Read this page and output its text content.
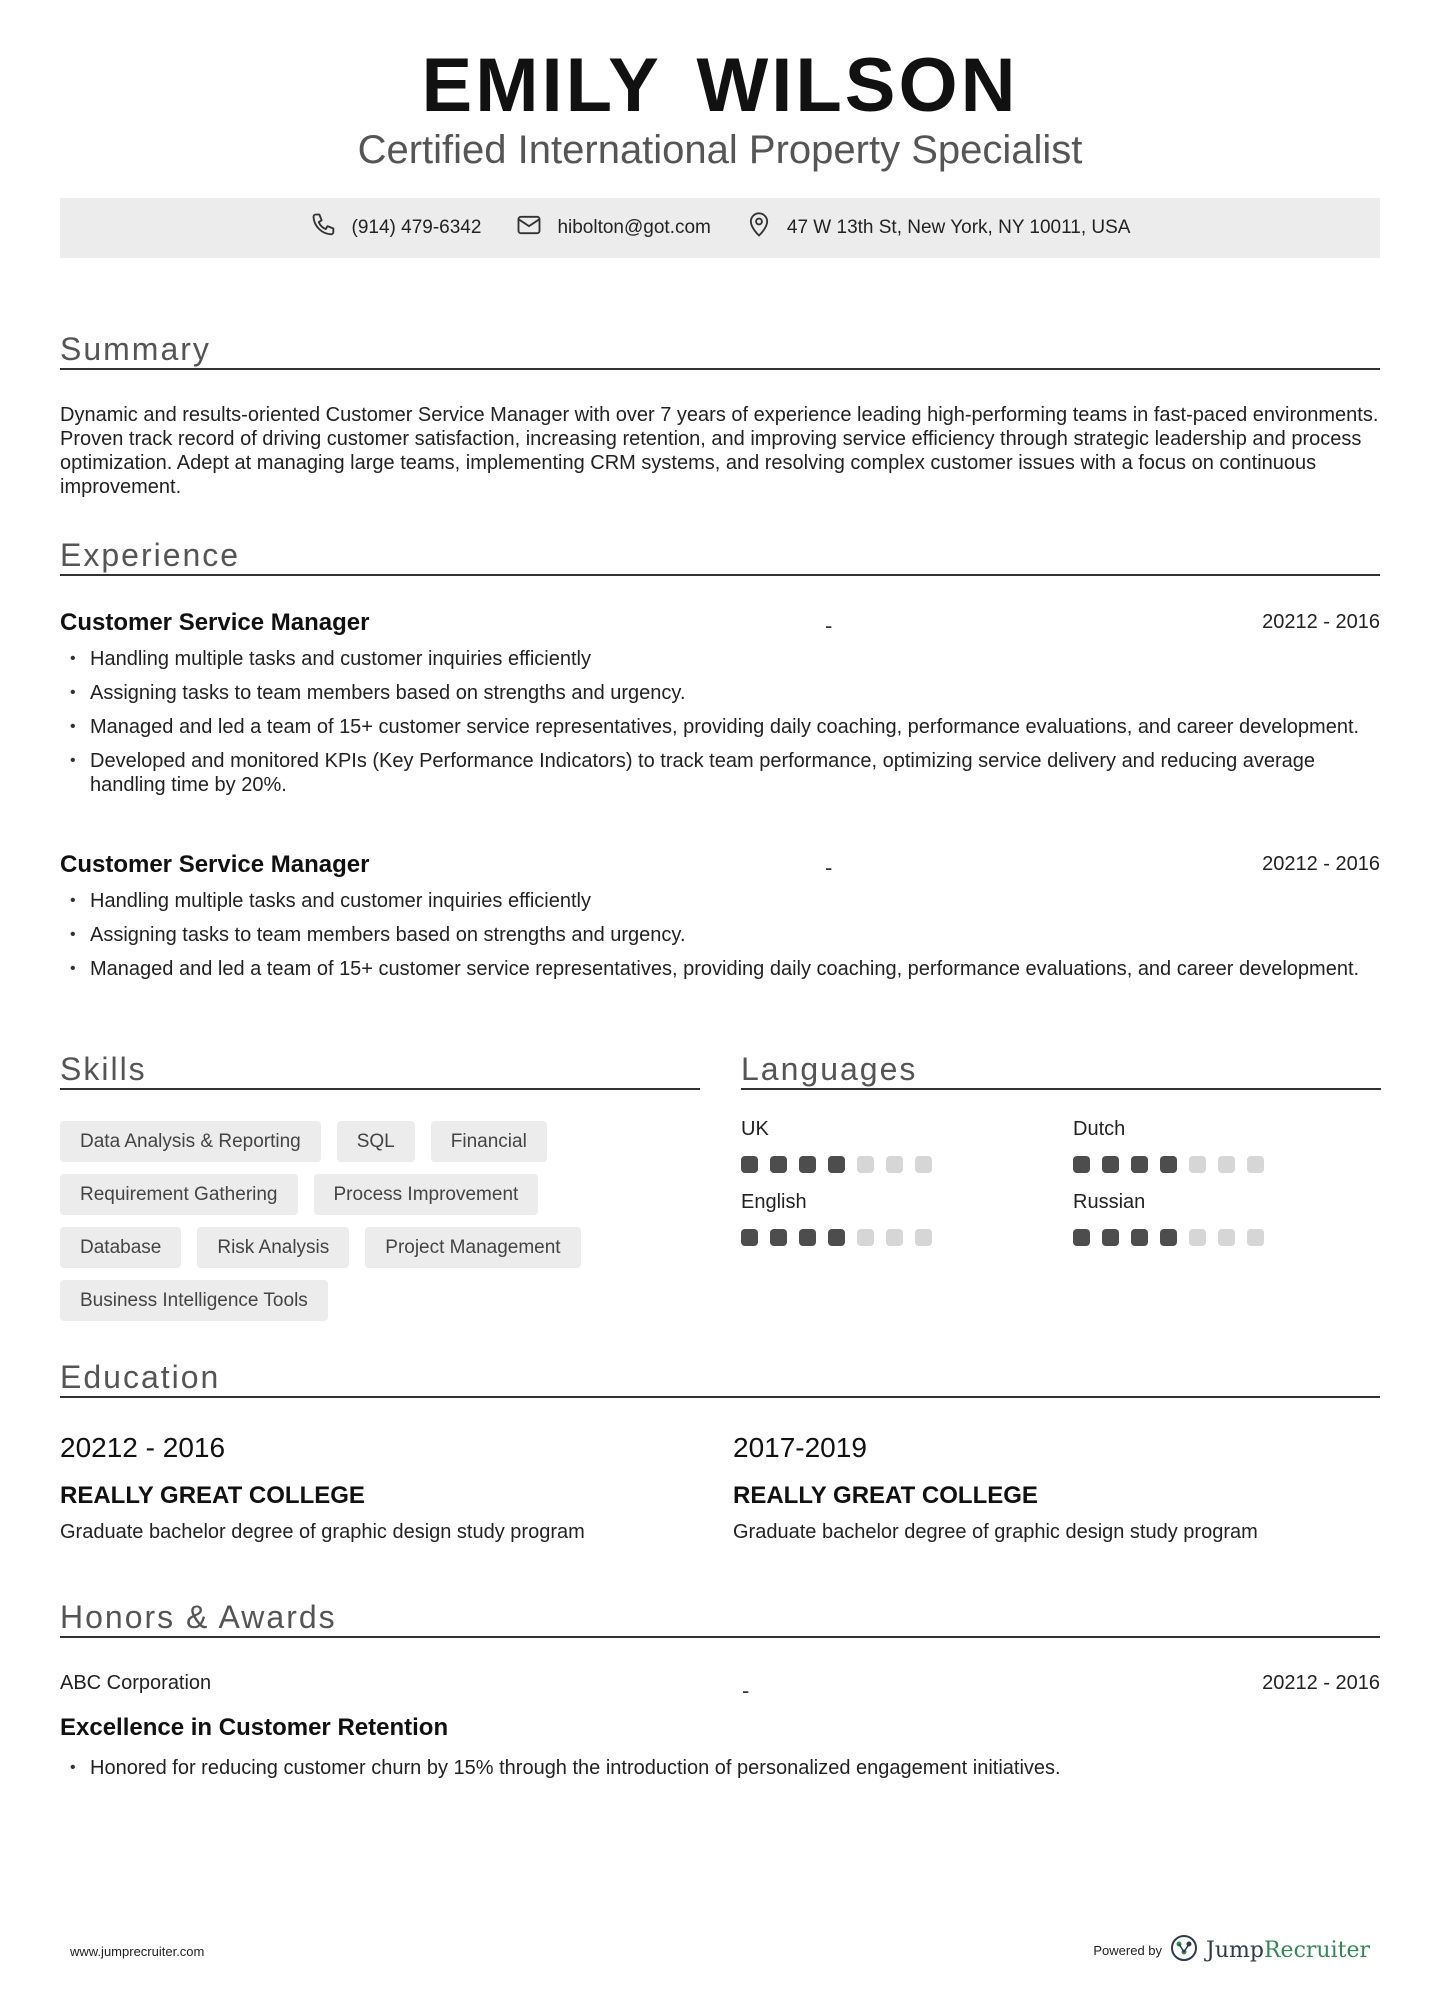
EMILY WILSON
Certified International Property Specialist
(914) 479-6342	hibolton@got.com	47 W 13th St, New York, NY 10011, USA
Summary
Dynamic and results-oriented Customer Service Manager with over 7 years of experience leading high-performing teams in fast-paced environments. Proven track record of driving customer satisfaction, increasing retention, and improving service efficiency through strategic leadership and process optimization. Adept at managing large teams, implementing CRM systems, and resolving complex customer issues with a focus on continuous improvement.
Experience
Customer Service Manager	-	20212 - 2016
• Handling multiple tasks and customer inquiries efficiently
• Assigning tasks to team members based on strengths and urgency.
• Managed and led a team of 15+ customer service representatives, providing daily coaching, performance evaluations, and career development.
• Developed and monitored KPIs (Key Performance Indicators) to track team performance, optimizing service delivery and reducing average handling time by 20%.
Customer Service Manager	-	20212 - 2016
• Handling multiple tasks and customer inquiries efficiently
• Assigning tasks to team members based on strengths and urgency.
• Managed and led a team of 15+ customer service representatives, providing daily coaching, performance evaluations, and career development.
Skills
Data Analysis & Reporting	SQL	Financial
Requirement Gathering	Process Improvement
Database	Risk Analysis	Project Management
Business Intelligence Tools
Languages
UK	Dutch
English	Russian
Education
20212 - 2016
REALLY GREAT COLLEGE
Graduate bachelor degree of graphic design study program
2017-2019
REALLY GREAT COLLEGE
Graduate bachelor degree of graphic design study program
Honors & Awards
ABC Corporation	-	20212 - 2016
Excellence in Customer Retention
• Honored for reducing customer churn by 15% through the introduction of personalized engagement initiatives.
www.jumprecruiter.com	Powered by JumpRecruiter
